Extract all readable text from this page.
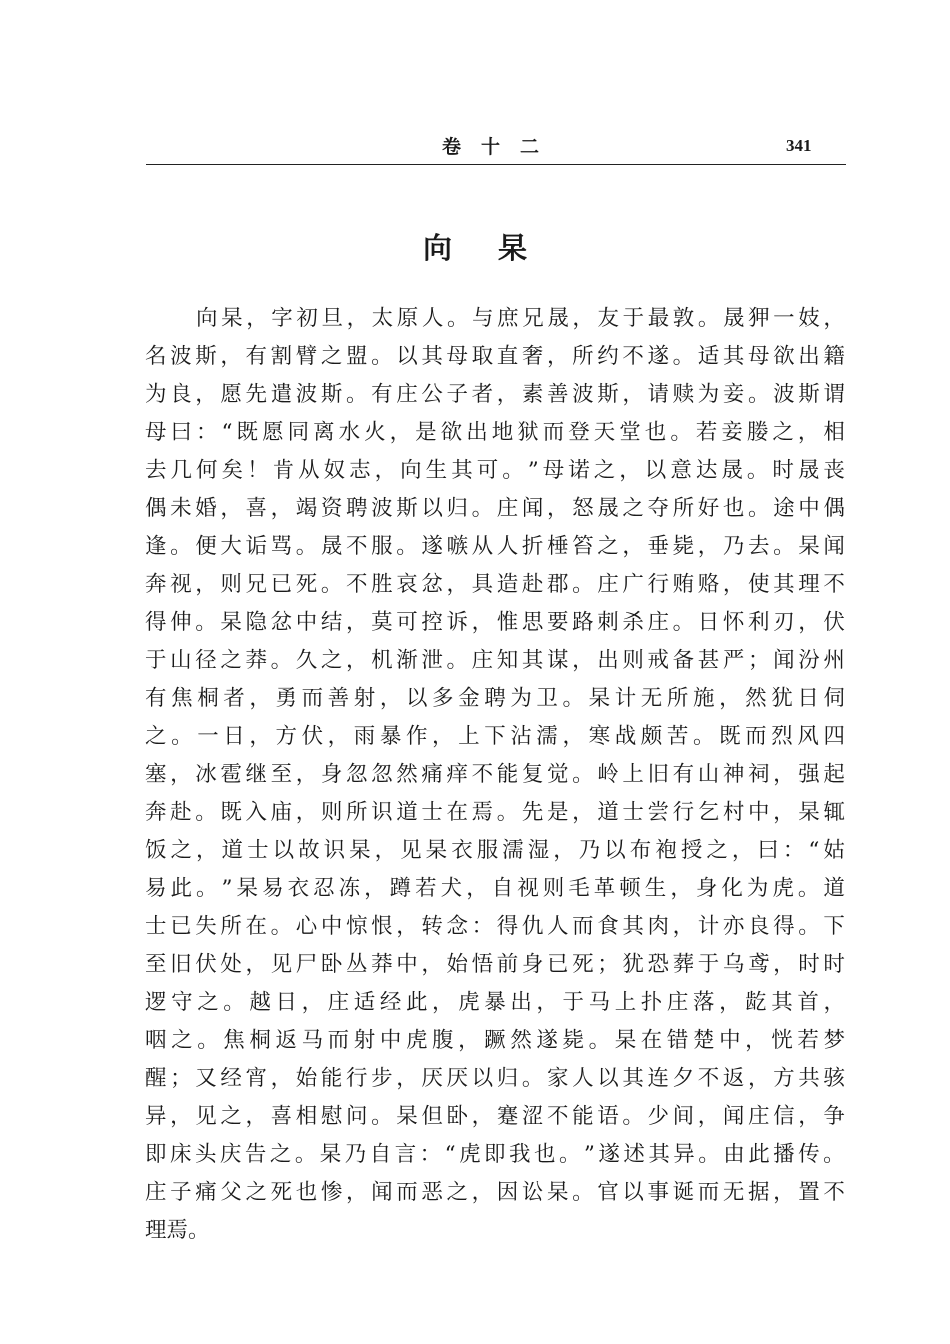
卷十二	341
向杲
向 杲 ， 字 初 旦 ， 太 原 人 。 与 庶 兄 晟 ， 友 于 最 敦 。 晟 狎 一 妓 ，
名 波 斯 ， 有 割 臂 之 盟 。 以 其 母 取 直 奢 ， 所 约 不 遂 。 适 其 母 欲 出 籍
为 良 ， 愿 先 遣 波 斯 。 有 庄 公 子 者 ， 素 善 波 斯 ， 请 赎 为 妾 。 波 斯 谓
母 曰 ： “ 既 愿 同 离 水 火 ， 是 欲 出 地 狱 而 登 天 堂 也 。 若 妾 媵 之 ， 相
去 几 何 矣 ！ 肯 从 奴 志 ， 向 生 其 可 。 ” 母 诺 之 ， 以 意 达 晟 。 时 晟 丧
偶 未 婚 ， 喜 ， 竭 资 聘 波 斯 以 归 。 庄 闻 ， 怒 晟 之 夺 所 好 也 。 途 中 偶
逢 。 便 大 诟 骂 。 晟 不 服 。 遂 嗾 从 人 折 棰 笞 之 ， 垂 毙 ， 乃 去 。 杲 闻
奔 视 ， 则 兄 已 死 。 不 胜 哀 忿 ， 具 造 赴 郡 。 庄 广 行 贿 赂 ， 使 其 理 不
得 伸 。 杲 隐 忿 中 结 ， 莫 可 控 诉 ， 惟 思 要 路 刺 杀 庄 。 日 怀 利 刃 ， 伏
于 山 径 之 莽 。 久 之 ， 机 渐 泄 。 庄 知 其 谋 ， 出 则 戒 备 甚 严 ； 闻 汾 州
有 焦 桐 者 ， 勇 而 善 射 ， 以 多 金 聘 为 卫 。 杲 计 无 所 施 ， 然 犹 日 伺
之 。 一 日 ， 方 伏 ， 雨 暴 作 ， 上 下 沾 濡 ， 寒 战 颇 苦 。 既 而 烈 风 四
塞 ， 冰 雹 继 至 ， 身 忽 忽 然 痛 痒 不 能 复 觉 。 岭 上 旧 有 山 神 祠 ， 强 起
奔 赴 。 既 入 庙 ， 则 所 识 道 士 在 焉 。 先 是 ， 道 士 尝 行 乞 村 中 ， 杲 辄
饭 之 ， 道 士 以 故 识 杲 ， 见 杲 衣 服 濡 湿 ， 乃 以 布 袍 授 之 ， 曰 ： “ 姑
易 此 。 ” 杲 易 衣 忍 冻 ， 蹲 若 犬 ， 自 视 则 毛 革 顿 生 ， 身 化 为 虎 。 道
士 已 失 所 在 。 心 中 惊 恨 ， 转 念 ： 得 仇 人 而 食 其 肉 ， 计 亦 良 得 。 下
至 旧 伏 处 ， 见 尸 卧 丛 莽 中 ， 始 悟 前 身 已 死 ； 犹 恐 葬 于 乌 鸢 ， 时 时
逻 守 之 。 越 日 ， 庄 适 经 此 ， 虎 暴 出 ， 于 马 上 扑 庄 落 ， 龁 其 首 ，
咽 之 。 焦 桐 返 马 而 射 中 虎 腹 ， 蹶 然 遂 毙 。 杲 在 错 楚 中 ， 恍 若 梦
醒 ； 又 经 宵 ， 始 能 行 步 ， 厌 厌 以 归 。 家 人 以 其 连 夕 不 返 ， 方 共 骇
异 ， 见 之 ， 喜 相 慰 问 。 杲 但 卧 ， 蹇 涩 不 能 语 。 少 间 ， 闻 庄 信 ， 争
即 床 头 庆 告 之 。 杲 乃 自 言 ： “ 虎 即 我 也 。 ” 遂 述 其 异 。 由 此 播 传 。
庄 子 痛 父 之 死 也 惨 ， 闻 而 恶 之 ， 因 讼 杲 。 官 以 事 诞 而 无 据 ， 置 不
理 焉 。
